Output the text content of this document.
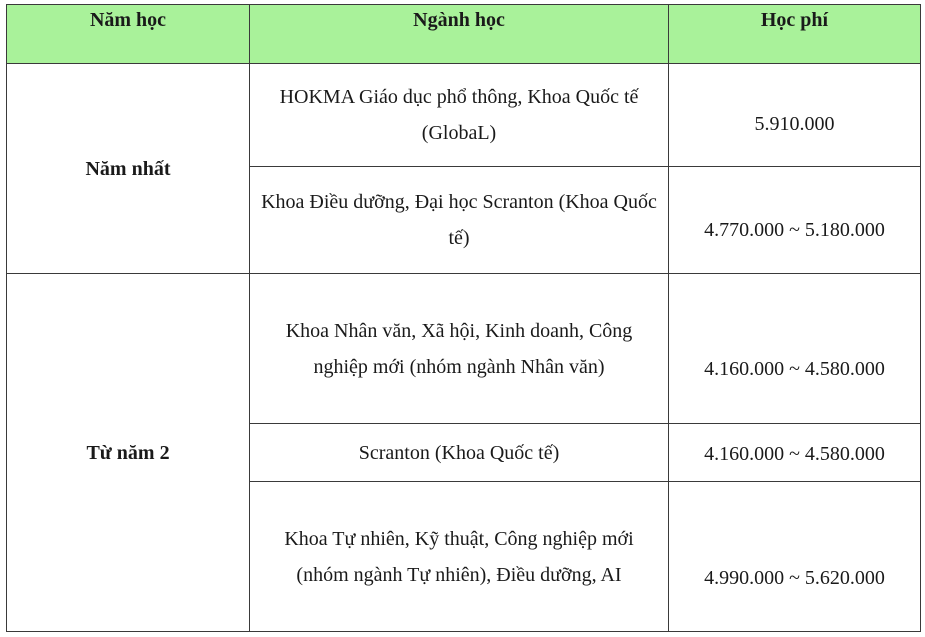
Năm học	Ngành học	Học phí
Năm nhất	HOKMA Giáo dục phổ thông, Khoa Quốc tế (GlobaL)	5.910.000
	Khoa Điều dưỡng, Đại học Scranton (Khoa Quốc tế)	4.770.000 ~ 5.180.000
Từ năm 2	Khoa Nhân văn, Xã hội, Kinh doanh, Công nghiệp mới (nhóm ngành Nhân văn)	4.160.000 ~ 4.580.000
	Scranton (Khoa Quốc tế)	4.160.000 ~ 4.580.000
	Khoa Tự nhiên, Kỹ thuật, Công nghiệp mới (nhóm ngành Tự nhiên), Điều dưỡng, AI	4.990.000 ~ 5.620.000
